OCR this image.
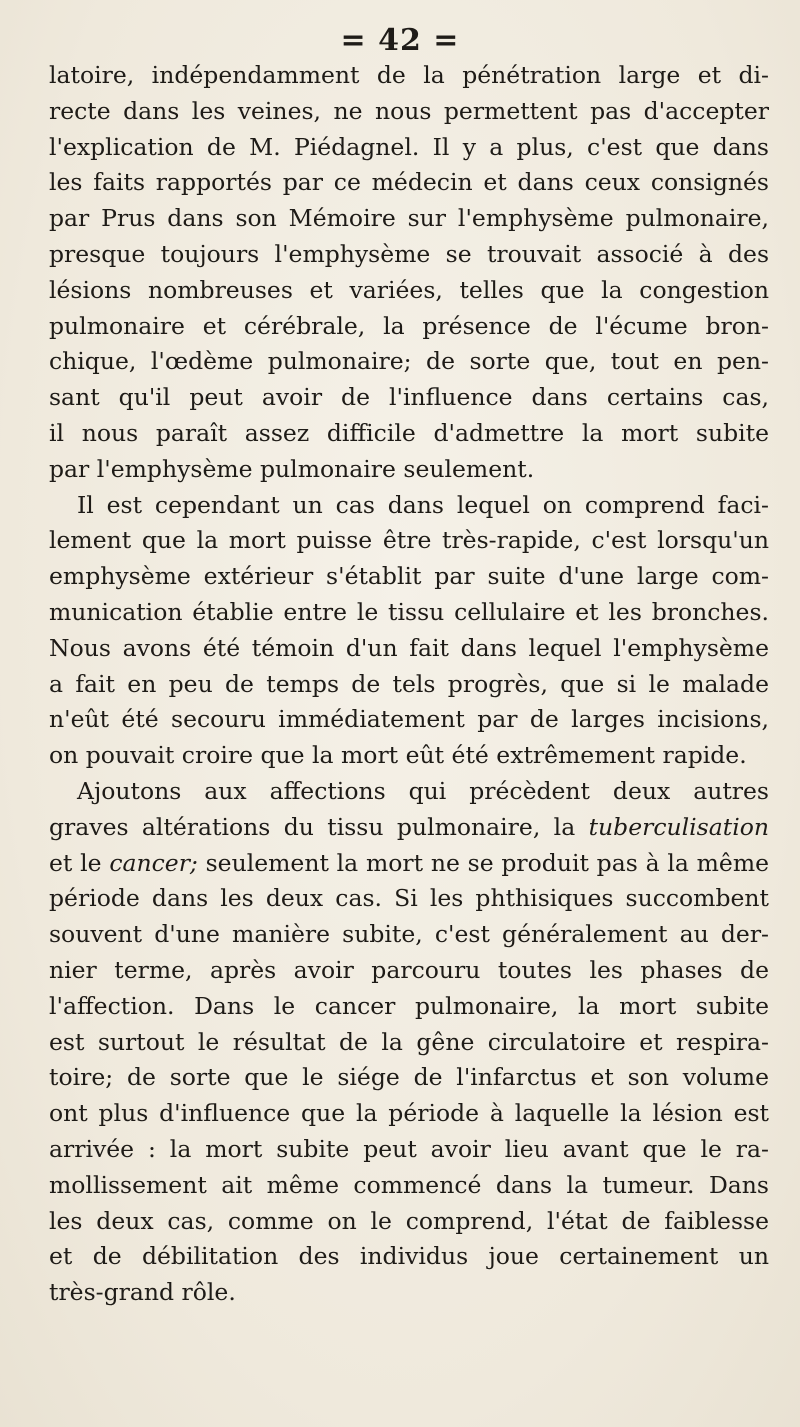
= 42 =
latoire, indépendamment de la pénétration large et di-
recte dans les veines, ne nous permettent pas d'accepter
l'explication de M. Piédagnel. Il y a plus, c'est que dans
les faits rapportés par ce médecin et dans ceux consignés
par Prus dans son Mémoire sur l'emphysème pulmonaire,
presque toujours l'emphysème se trouvait associé à des
lésions nombreuses et variées, telles que la congestion
pulmonaire et cérébrale, la présence de l'écume bron-
chique, l'œdème pulmonaire; de sorte que, tout en pen-
sant qu'il peut avoir de l'influence dans certains cas,
il nous paraît assez difficile d'admettre la mort subite
par l'emphysème pulmonaire seulement.
Il est cependant un cas dans lequel on comprend faci-
lement que la mort puisse être très-rapide, c'est lorsqu'un
emphysème extérieur s'établit par suite d'une large com-
munication établie entre le tissu cellulaire et les bronches.
Nous avons été témoin d'un fait dans lequel l'emphysème
a fait en peu de temps de tels progrès, que si le malade
n'eût été secouru immédiatement par de larges incisions,
on pouvait croire que la mort eût été extrêmement rapide.
Ajoutons aux affections qui précèdent deux autres
graves altérations du tissu pulmonaire, la tuberculisation
et le cancer; seulement la mort ne se produit pas à la même
période dans les deux cas. Si les phthisiques succombent
souvent d'une manière subite, c'est généralement au der-
nier terme, après avoir parcouru toutes les phases de
l'affection. Dans le cancer pulmonaire, la mort subite
est surtout le résultat de la gêne circulatoire et respira-
toire; de sorte que le siége de l'infarctus et son volume
ont plus d'influence que la période à laquelle la lésion est
arrivée : la mort subite peut avoir lieu avant que le ra-
mollissement ait même commencé dans la tumeur. Dans
les deux cas, comme on le comprend, l'état de faiblesse
et de débilitation des individus joue certainement un
très-grand rôle.
